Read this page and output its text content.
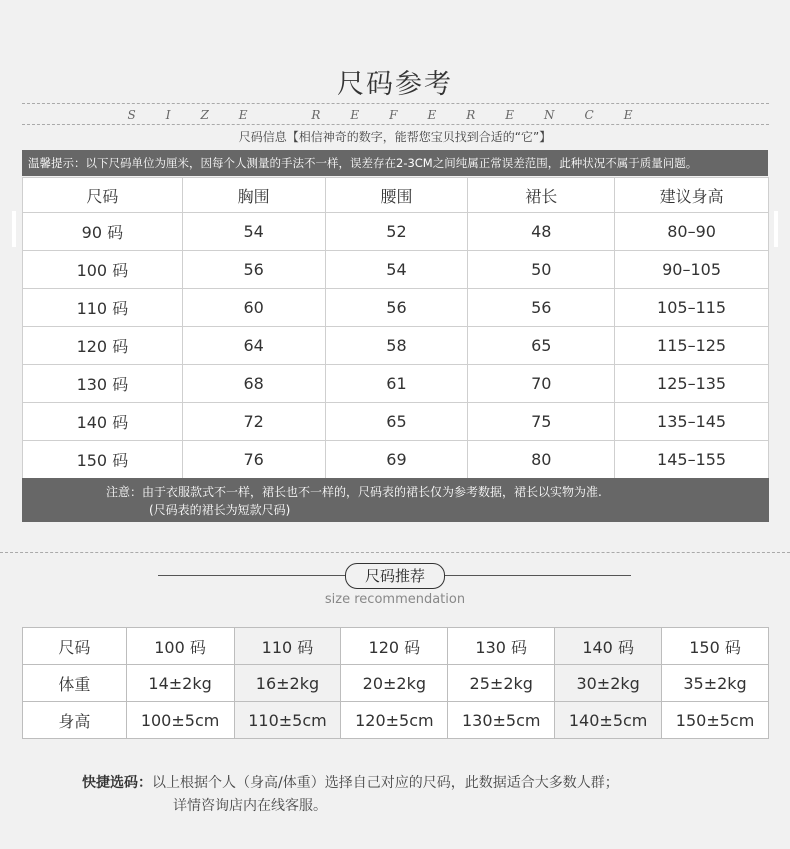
尺码参考
SIZE REFERENCE
尺码信息【相信神奇的数字，能帮您宝贝找到合适的“它”】
温馨提示：以下尺码单位为厘米，因每个人测量的手法不一样，误差存在2-3CM之间纯属正常误差范围，此种状况不属于质量问题。
尺码	胸围	腰围	裙长	建议身高
90 码	54	52	48	80–90
100 码	56	54	50	90–105
110 码	60	56	56	105–115
120 码	64	58	65	115–125
130 码	68	61	70	125–135
140 码	72	65	75	135–145
150 码	76	69	80	145–155
注意：由于衣服款式不一样，裙长也不一样的，尺码表的裙长仅为参考数据，裙长以实物为准.
(尺码表的裙长为短款尺码)
尺码推荐
size recommendation
尺码	100 码	110 码	120 码	130 码	140 码	150 码
体重	14±2kg	16±2kg	20±2kg	25±2kg	30±2kg	35±2kg
身高	100±5cm	110±5cm	120±5cm	130±5cm	140±5cm	150±5cm
快捷选码：以上根据个人（身高/体重）选择自己对应的尺码，此数据适合大多数人群；
详情咨询店内在线客服。
